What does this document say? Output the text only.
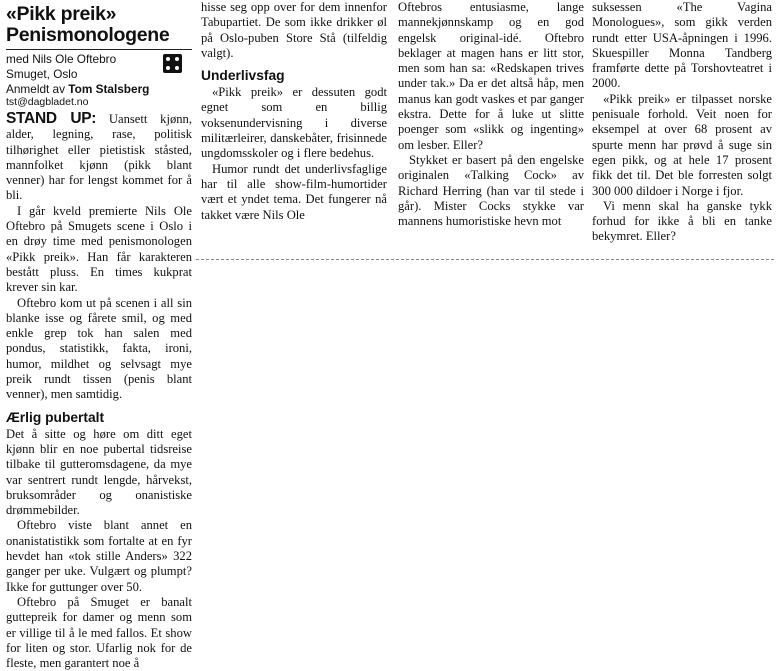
«Pikk preik» Penismonologene
med Nils Ole Oftebro
Smuget, Oslo
Anmeldt av Tom Stalsberg
tst@dagbladet.no

STAND UP: Uansett kjønn, alder, legning, rase, politisk tilhørighet eller pietistisk ståsted, mannfolket kjønn (pikk blant venner) har for lengst kommet for å bli.

I går kveld premierte Nils Ole Oftebro på Smugets scene i Oslo i en drøy time med penismonologen «Pikk preik». Han får karakteren bestått pluss. En times kukprat krever sin kar.

Oftebro kom ut på scenen i all sin blanke isse og fårete smil, og med enkle grep tok han salen med pondus, statistikk, fakta, ironi, humor, mildhet og selvsagt mye preik rundt tissen (penis blant venner), men samtidig.

Ærlig pubertalt

Det å sitte og høre om ditt eget kjønn blir en noe pubertal tidsreise tilbake til gutteromsdagene, da mye var sentrert rundt lengde, hårvekst, bruksområder og onanistiske drømmebilder.

Oftebro viste blant annet en onanistatistikk som fortalte at en fyr hevdet han «tok stille Anders» 322 ganger per uke. Vulgært og plumpt? Ikke for guttunger over 50.

Oftebro på Smuget er banalt guttepreik for damer og menn som er villige til å le med fallos. Et show for liten og stor. Ufarlig nok for de fleste, men garantert noe å

hisse seg opp over for dem innenfor Tabupartiet. De som ikke drikker øl på Oslo-puben Store Stå (tilfeldig valgt).

Underlivsfag

«Pikk preik» er dessuten godt egnet som en billig voksenundervisning i diverse militærleirer, danskebåter, frisinnede ungdomsskoler og i flere bedehus.

Humor rundt det underlivsfaglige har til alle show-film-humortider vært et yndet tema. Det fungerer nå takket være Nils Ole

Oftebros entusiasme, lange mannekjønnskamp og en god engelsk original-idé. Oftebro beklager at magen hans er litt stor, men som han sa: «Redskapen trives under tak.» Da er det altså håp, men manus kan godt vaskes et par ganger ekstra. Dette for å luke ut slitte poenger som «slikk og ingenting» om lesber. Eller?

Stykket er basert på den engelske originalen «Talking Cock» av Richard Herring (han var til stede i går). Mister Cocks stykke var mannens humoristiske hevn mot

suksessen «The Vagina Monologues», som gikk verden rundt etter USA-åpningen i 1996. Skuespiller Monna Tandberg framførte dette på Torshovteatret i 2000.

«Pikk preik» er tilpasset norske penisuale forhold. Veit noen for eksempel at over 68 prosent av spurte menn har prøvd å suge sin egen pikk, og at hele 17 prosent fikk det til. Det ble forresten solgt 300 000 dildoer i Norge i fjor.

Vi menn skal ha ganske tykk forhud for ikke å bli en tanke bekymret. Eller?
